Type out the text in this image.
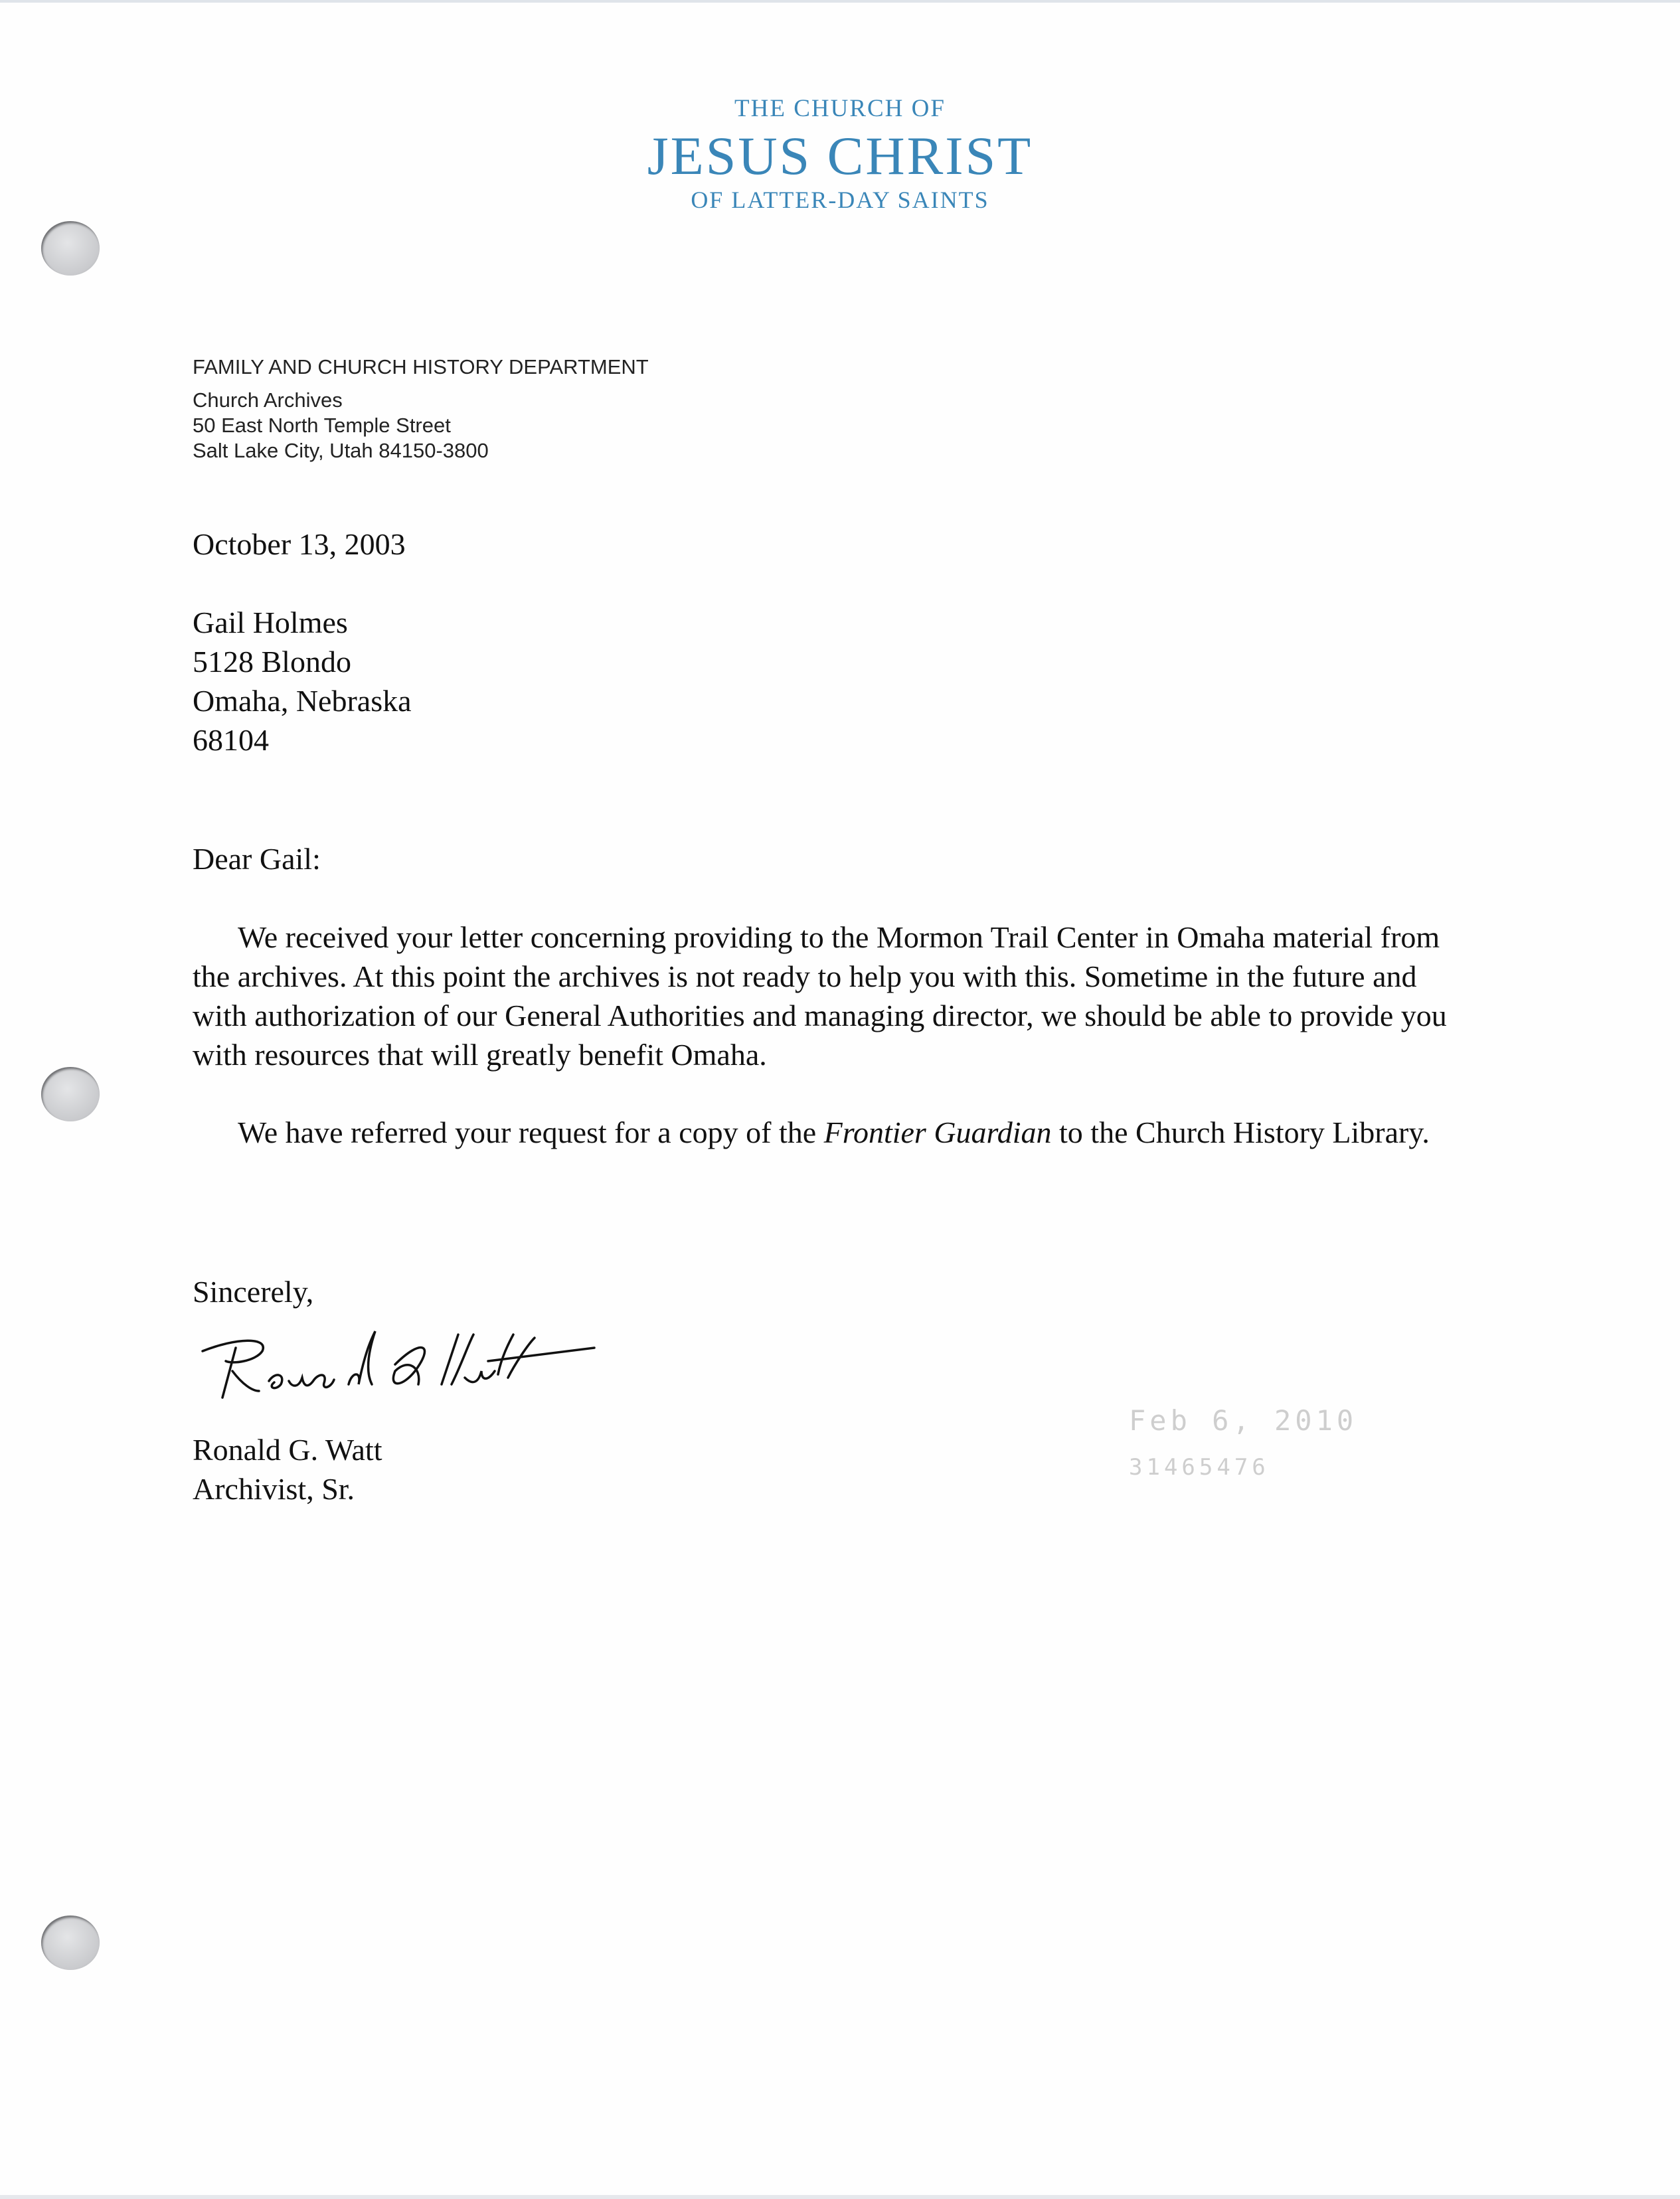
THE CHURCH OF
JESUS CHRIST
OF LATTER-DAY SAINTS
FAMILY AND CHURCH HISTORY DEPARTMENT
Church Archives
50 East North Temple Street
Salt Lake City, Utah 84150-3800
October 13, 2003
Gail Holmes
5128 Blondo
Omaha, Nebraska
68104
Dear Gail:
We received your letter concerning providing to the Mormon Trail Center in Omaha material from the archives. At this point the archives is not ready to help you with this. Sometime in the future and with authorization of our General Authorities and managing director, we should be able to provide you with resources that will greatly benefit Omaha.
We have referred your request for a copy of the Frontier Guardian to the Church History Library.
Sincerely,
Ronald G. Watt
Archivist, Sr.
Feb 6, 2010
31465476
